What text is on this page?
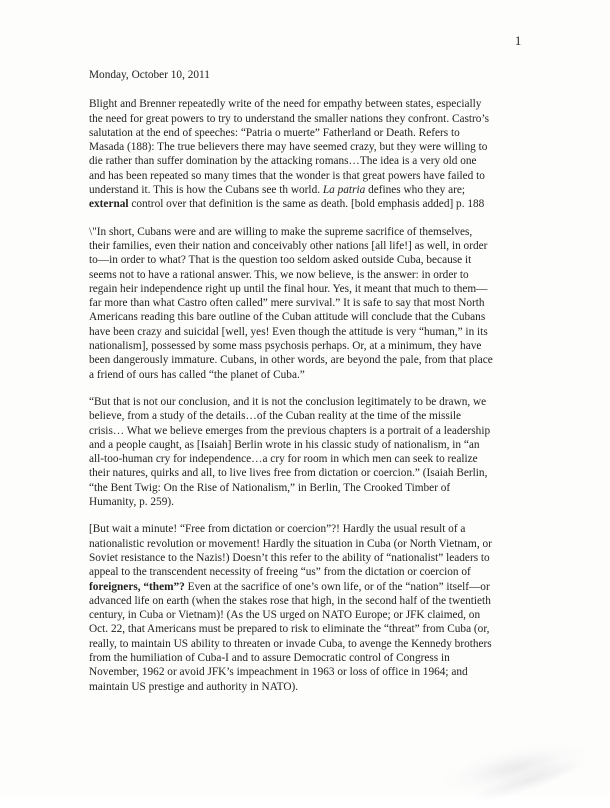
1
Monday, October 10, 2011
Blight and Brenner repeatedly write of the need for empathy between states, especially
the need for great powers to try to understand the smaller nations they confront. Castro’s
salutation at the end of speeches: “Patria o muerte” Fatherland or Death. Refers to
Masada (188): The true believers there may have seemed crazy, but they were willing to
die rather than suffer domination by the attacking romans…The idea is a very old one
and has been repeated so many times that the wonder is that great powers have failed to
understand it. This is how the Cubans see th world. La patria defines who they are;
external control over that definition is the same as death. [bold emphasis added] p. 188
\"In short, Cubans were and are willing to make the supreme sacrifice of themselves,
their families, even their nation and conceivably other nations [all life!] as well, in order
to—in order to what? That is the question too seldom asked outside Cuba, because it
seems not to have a rational answer. This, we now believe, is the answer: in order to
regain heir independence right up until the final hour. Yes, it meant that much to them—
far more than what Castro often called” mere survival.” It is safe to say that most North
Americans reading this bare outline of the Cuban attitude will conclude that the Cubans
have been crazy and suicidal [well, yes! Even though the attitude is very “human,” in its
nationalism], possessed by some mass psychosis perhaps. Or, at a minimum, they have
been dangerously immature. Cubans, in other words, are beyond the pale, from that place
a friend of ours has called “the planet of Cuba.”
“But that is not our conclusion, and it is not the conclusion legitimately to be drawn, we
believe, from a study of the details…of the Cuban reality at the time of the missile
crisis… What we believe emerges from the previous chapters is a portrait of a leadership
and a people caught, as [Isaiah] Berlin wrote in his classic study of nationalism, in “an
all-too-human cry for independence…a cry for room in which men can seek to realize
their natures, quirks and all, to live lives free from dictation or coercion.” (Isaiah Berlin,
“the Bent Twig: On the Rise of Nationalism,” in Berlin, The Crooked Timber of
Humanity, p. 259).
[But wait a minute! “Free from dictation or coercion”?! Hardly the usual result of a
nationalistic revolution or movement! Hardly the situation in Cuba (or North Vietnam, or
Soviet resistance to the Nazis!) Doesn’t this refer to the ability of “nationalist” leaders to
appeal to the transcendent necessity of freeing “us” from the dictation or coercion of
foreigners, “them”? Even at the sacrifice of one’s own life, or of the “nation” itself—or
advanced life on earth (when the stakes rose that high, in the second half of the twentieth
century, in Cuba or Vietnam)! (As the US urged on NATO Europe; or JFK claimed, on
Oct. 22, that Americans must be prepared to risk to eliminate the “threat” from Cuba (or,
really, to maintain US ability to threaten or invade Cuba, to avenge the Kennedy brothers
from the humiliation of Cuba-I and to assure Democratic control of Congress in
November, 1962 or avoid JFK’s impeachment in 1963 or loss of office in 1964; and
maintain US prestige and authority in NATO).
